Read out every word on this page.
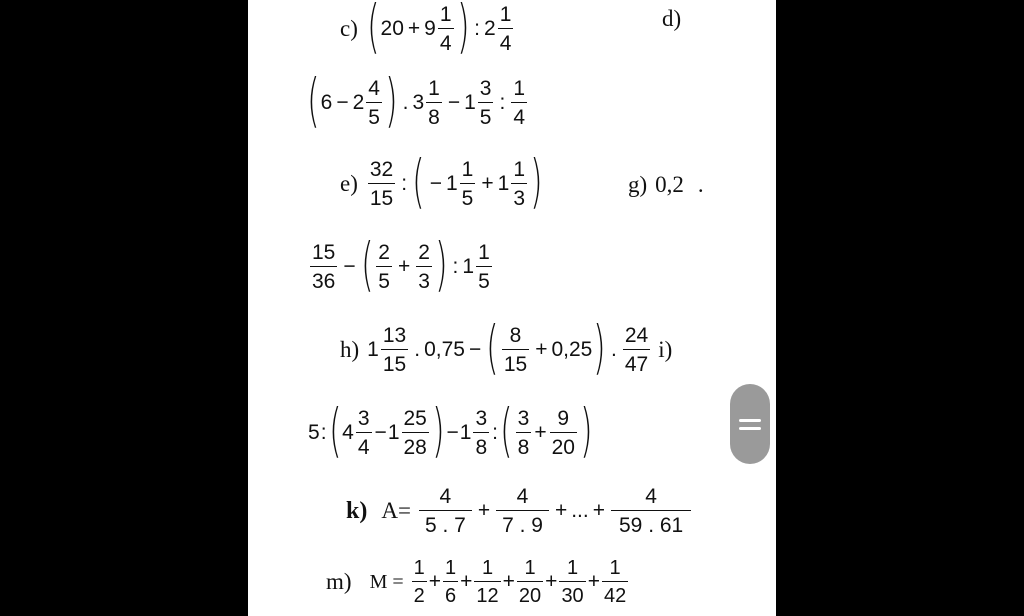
c) ( $20 + 9 \frac{1}{4}$ ) : $2 \frac{1}{4}$	d)
( $6 - 2 \frac{4}{5}$ ) . $3 \frac{1}{8} - 1 \frac{3}{5}$ : $\frac{1}{4}$
$e) \frac{32}{15}$ : ( − $1 \frac{1}{5} + 1 \frac{1}{3}$ )	g) 0,2 .
$\frac{15}{36}$ − ( $\frac{2}{5} + \frac{2}{3}$ ) : $1 \frac{1}{5}$
h) $1 \frac{13}{15}$ . 0,75 − ( $\frac{8}{15} + 0,25$ ) . $\frac{24}{47} i$)
5 : ( $4 \frac{3}{4} - 1 \frac{25}{28}$ ) − $1 \frac{3}{8}$ : ( $\frac{3}{8} + \frac{9}{20}$ )
k) $A= \frac{4}{5 . 7} + \frac{4}{7 . 9}$ + ... + $\frac{4}{59 . 61}$
m) $M = \frac{1}{2} + \frac{1}{6} + \frac{1}{12} + \frac{1}{20} + \frac{1}{30} + \frac{1}{42}$
